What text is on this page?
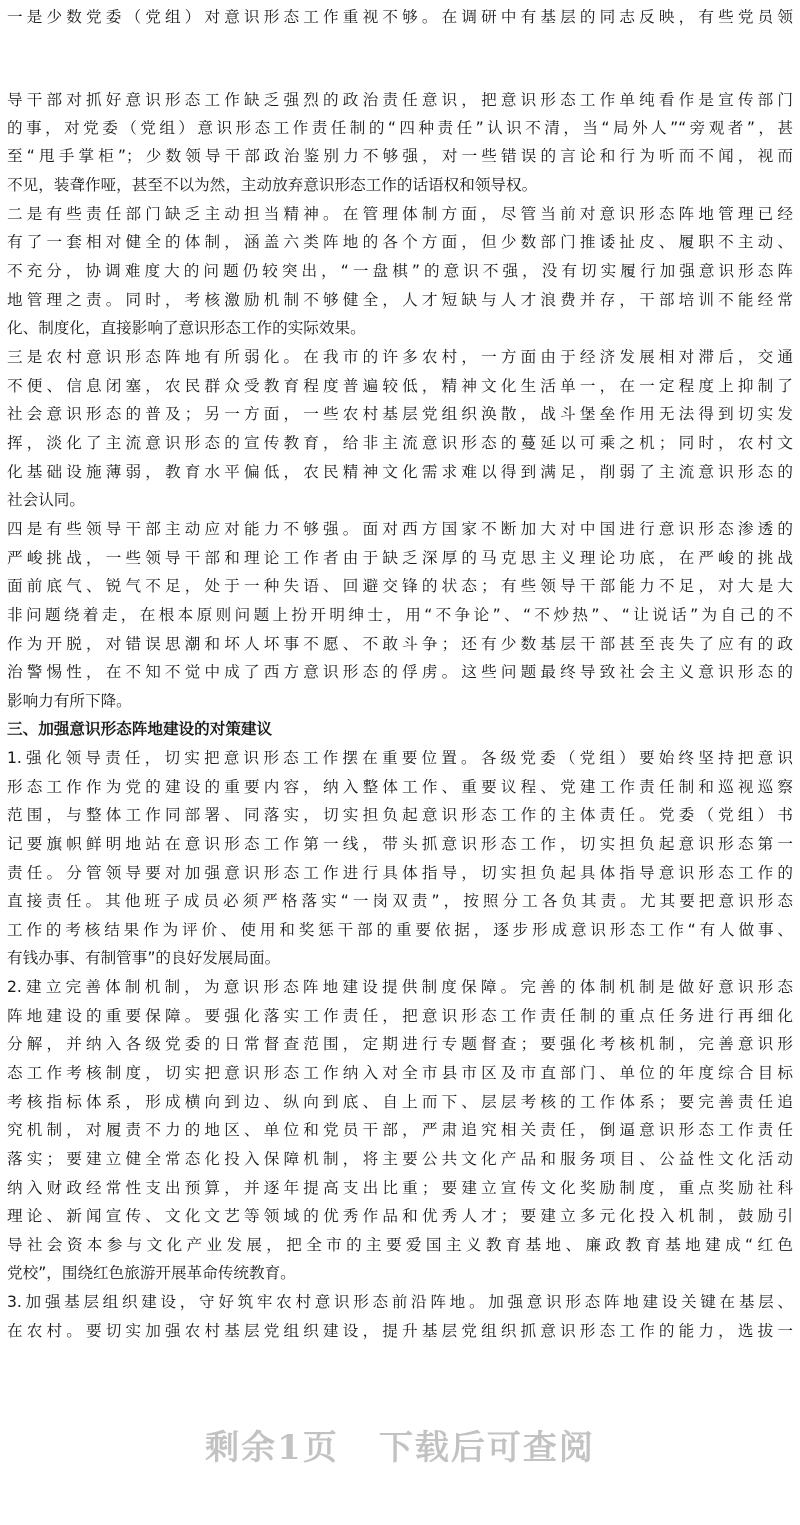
一是少数党委（党组）对意识形态工作重视不够。在调研中有基层的同志反映，有些党员领
导干部对抓好意识形态工作缺乏强烈的政治责任意识，把意识形态工作单纯看作是宣传部门
的事，对党委（党组）意识形态工作责任制的“四种责任”认识不清，当“局外人”“旁观者”，甚
至“甩手掌柜”；少数领导干部政治鉴别力不够强，对一些错误的言论和行为听而不闻，视而
不见，装聋作哑，甚至不以为然，主动放弃意识形态工作的话语权和领导权。
二是有些责任部门缺乏主动担当精神。在管理体制方面，尽管当前对意识形态阵地管理已经
有了一套相对健全的体制，涵盖六类阵地的各个方面，但少数部门推诿扯皮、履职不主动、
不充分，协调难度大的问题仍较突出，“一盘棋”的意识不强，没有切实履行加强意识形态阵
地管理之责。同时，考核激励机制不够健全，人才短缺与人才浪费并存，干部培训不能经常
化、制度化，直接影响了意识形态工作的实际效果。
三是农村意识形态阵地有所弱化。在我市的许多农村，一方面由于经济发展相对滞后，交通
不便、信息闭塞，农民群众受教育程度普遍较低，精神文化生活单一，在一定程度上抑制了
社会意识形态的普及；另一方面，一些农村基层党组织涣散，战斗堡垒作用无法得到切实发
挥，淡化了主流意识形态的宣传教育，给非主流意识形态的蔓延以可乘之机；同时，农村文
化基础设施薄弱，教育水平偏低，农民精神文化需求难以得到满足，削弱了主流意识形态的
社会认同。
四是有些领导干部主动应对能力不够强。面对西方国家不断加大对中国进行意识形态渗透的
严峻挑战，一些领导干部和理论工作者由于缺乏深厚的马克思主义理论功底，在严峻的挑战
面前底气、锐气不足，处于一种失语、回避交锋的状态；有些领导干部能力不足，对大是大
非问题绕着走，在根本原则问题上扮开明绅士，用“不争论”、“不炒热”、“让说话”为自己的不
作为开脱，对错误思潮和坏人坏事不愿、不敢斗争；还有少数基层干部甚至丧失了应有的政
治警惕性，在不知不觉中成了西方意识形态的俘虏。这些问题最终导致社会主义意识形态的
影响力有所下降。
三、加强意识形态阵地建设的对策建议
1.强化领导责任，切实把意识形态工作摆在重要位置。各级党委（党组）要始终坚持把意识
形态工作作为党的建设的重要内容，纳入整体工作、重要议程、党建工作责任制和巡视巡察
范围，与整体工作同部署、同落实，切实担负起意识形态工作的主体责任。党委（党组）书
记要旗帜鲜明地站在意识形态工作第一线，带头抓意识形态工作，切实担负起意识形态第一
责任。分管领导要对加强意识形态工作进行具体指导，切实担负起具体指导意识形态工作的
直接责任。其他班子成员必须严格落实“一岗双责”，按照分工各负其责。尤其要把意识形态
工作的考核结果作为评价、使用和奖惩干部的重要依据，逐步形成意识形态工作“有人做事、
有钱办事、有制管事”的良好发展局面。
2.建立完善体制机制，为意识形态阵地建设提供制度保障。完善的体制机制是做好意识形态
阵地建设的重要保障。要强化落实工作责任，把意识形态工作责任制的重点任务进行再细化
分解，并纳入各级党委的日常督查范围，定期进行专题督查；要强化考核机制，完善意识形
态工作考核制度，切实把意识形态工作纳入对全市县市区及市直部门、单位的年度综合目标
考核指标体系，形成横向到边、纵向到底、自上而下、层层考核的工作体系；要完善责任追
究机制，对履责不力的地区、单位和党员干部，严肃追究相关责任，倒逼意识形态工作责任
落实；要建立健全常态化投入保障机制，将主要公共文化产品和服务项目、公益性文化活动
纳入财政经常性支出预算，并逐年提高支出比重；要建立宣传文化奖励制度，重点奖励社科
理论、新闻宣传、文化文艺等领域的优秀作品和优秀人才；要建立多元化投入机制，鼓励引
导社会资本参与文化产业发展，把全市的主要爱国主义教育基地、廉政教育基地建成“红色
党校”，围绕红色旅游开展革命传统教育。
3.加强基层组织建设，守好筑牢农村意识形态前沿阵地。加强意识形态阵地建设关键在基层、
在农村。要切实加强农村基层党组织建设，提升基层党组织抓意识形态工作的能力，选拔一
剩余1页 下载后可查阅
